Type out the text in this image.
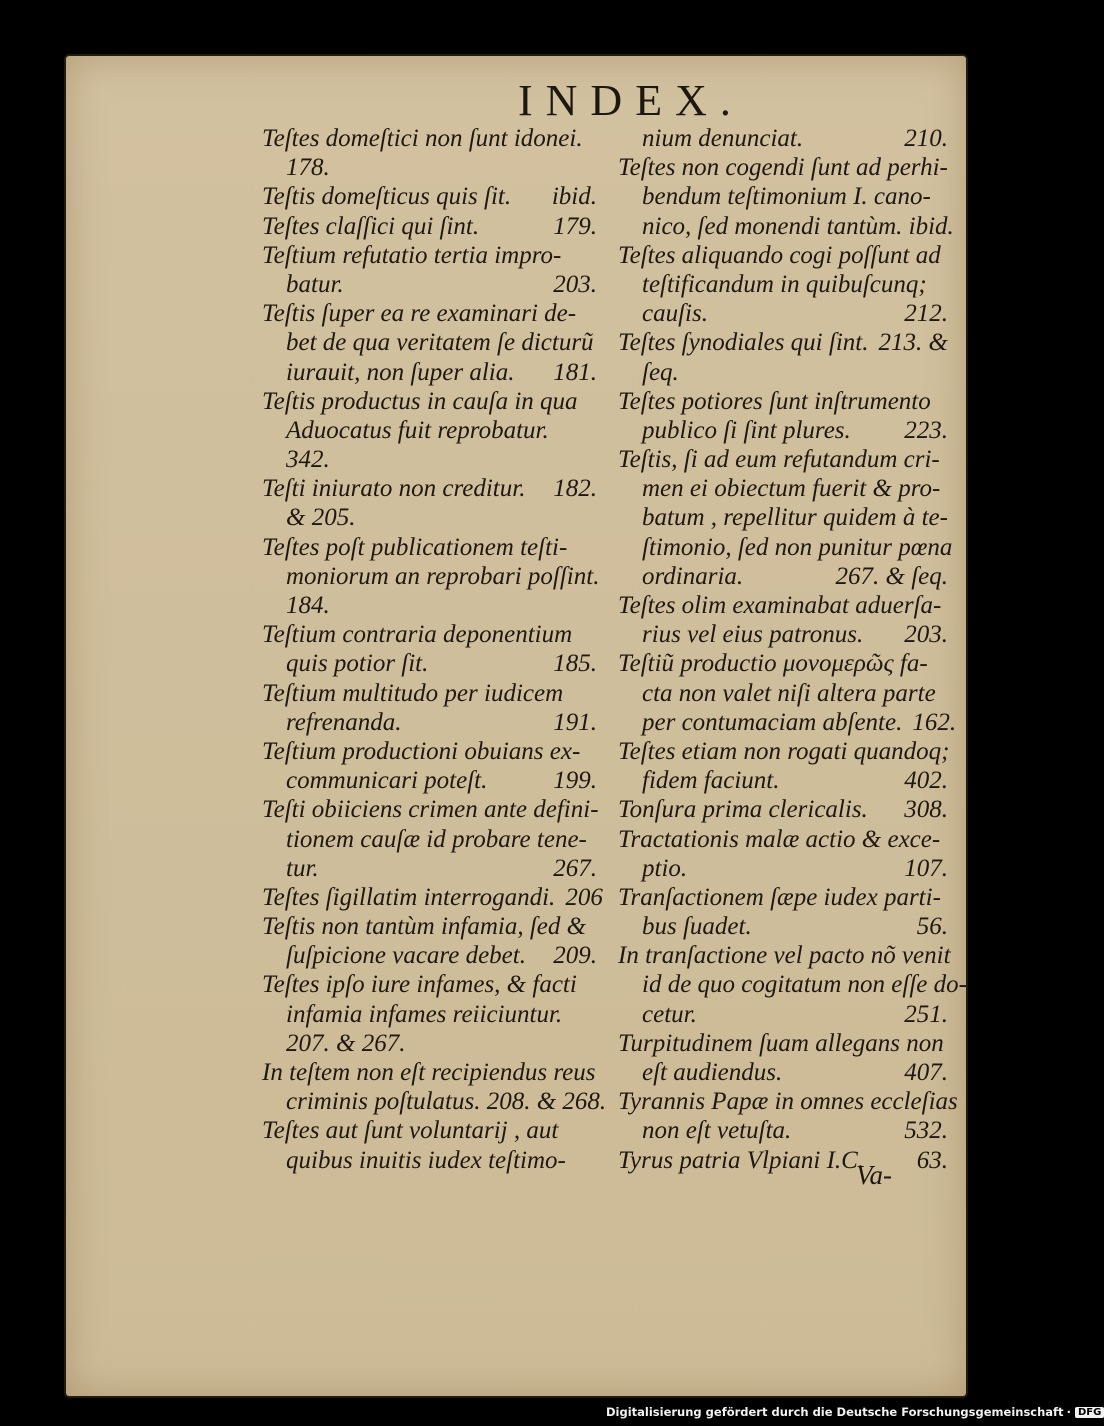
INDEX.
Teſtes domeſtici non ſunt idonei.
178.
Teſtis domeſticus quis ſit.	ibid.
Teſtes claſſici qui ſint.	179.
Teſtium refutatio tertia impro-
batur.	203.
Teſtis ſuper ea re examinari de-
bet de qua veritatem ſe dicturũ
iurauit, non ſuper alia.	181.
Teſtis productus in cauſa in qua
Aduocatus fuit reprobatur.
342.
Teſti iniurato non creditur.	182.
& 205.
Teſtes poſt publicationem teſti-
moniorum an reprobari poſſint.
184.
Teſtium contraria deponentium
quis potior ſit.	185.
Teſtium multitudo per iudicem
refrenanda.	191.
Teſtium productioni obuians ex-
communicari poteſt.	199.
Teſti obiiciens crimen ante defini-
tionem cauſæ id probare tene-
tur.	267.
Teſtes ſigillatim interrogandi. 206
Teſtis non tantùm infamia, ſed &
ſuſpicione vacare debet.	209.
Teſtes ipſo iure infames, & facti
infamia infames reiiciuntur.
207. & 267.
In teſtem non eſt recipiendus reus
criminis poſtulatus. 208. & 268.
Teſtes aut ſunt voluntarij , aut
quibus inuitis iudex teſtimo-
nium denunciat.	210.
Teſtes non cogendi ſunt ad perhi-
bendum teſtimonium I. cano-
nico, ſed monendi tantùm. ibid.
Teſtes aliquando cogi poſſunt ad
teſtificandum in quibuſcunq;
cauſis.	212.
Teſtes ſynodiales qui ſint. 213. &
ſeq.
Teſtes potiores ſunt inſtrumento
publico ſi ſint plures.	223.
Teſtis, ſi ad eum refutandum cri-
men ei obiectum fuerit & pro-
batum , repellitur quidem à te-
ſtimonio, ſed non punitur pœna
ordinaria.	267. & ſeq.
Teſtes olim examinabat aduerſa-
rius vel eius patronus.	203.
Teſtiũ productio μονομερῶς fa-
cta non valet niſi altera parte
per contumaciam abſente. 162.
Teſtes etiam non rogati quandoq;
fidem faciunt.	402.
Tonſura prima clericalis.	308.
Tractationis malæ actio & exce-
ptio.	107.
Tranſactionem ſæpe iudex parti-
bus ſuadet.	56.
In tranſactione vel pacto nõ venit
id de quo cogitatum non eſſe do-
cetur.	251.
Turpitudinem ſuam allegans non
eſt audiendus.	407.
Tyrannis Papæ in omnes eccleſias
non eſt vetuſta.	532.
Tyrus patria Vlpiani I.C.	63.
Va-
Digitalisierung gefördert durch die Deutsche Forschungsgemeinschaft · DFG
